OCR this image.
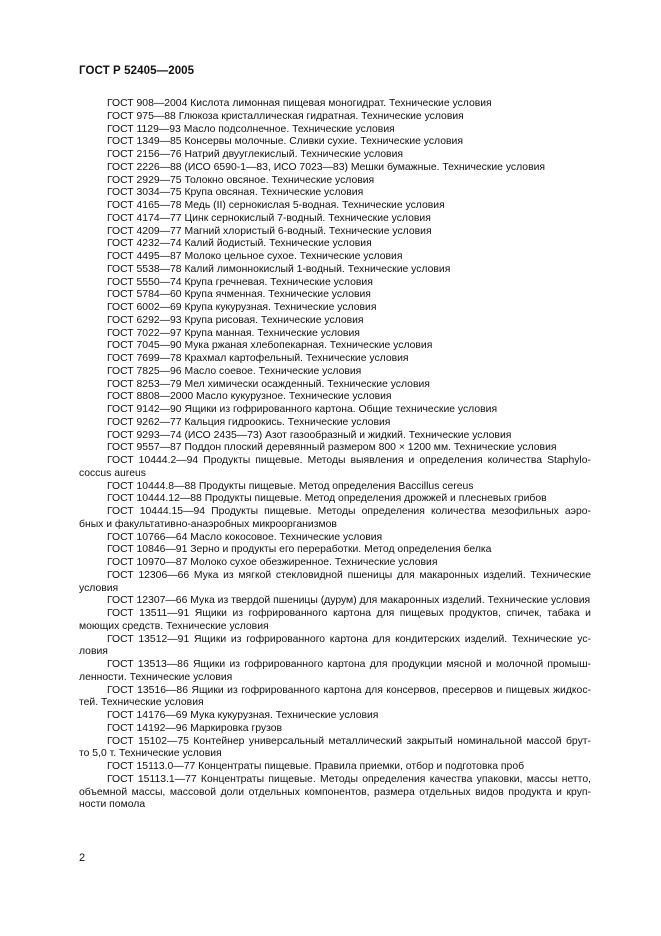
ГОСТ Р 52405—2005

ГОСТ 908—2004 Кислота лимонная пищевая моногидрат. Технические условия

ГОСТ 975—88 Глюкоза кристаллическая гидратная. Технические условия

ГОСТ 1129—93 Масло подсолнечное. Технические условия

ГОСТ 1349—85 Консервы молочные. Сливки сухие. Технические условия

ГОСТ 2156—76 Натрий двууглекислый. Технические условия

ГОСТ 2226—88 (ИСО 6590-1—83, ИСО 7023—83) Мешки бумажные. Технические условия

ГОСТ 2929—75 Толокно овсяное. Технические условия

ГОСТ 3034—75 Крупа овсяная. Технические условия

ГОСТ 4165—78 Медь (II) сернокислая 5-водная. Технические условия

ГОСТ 4174—77 Цинк сернокислый 7-водный. Технические условия

ГОСТ 4209—77 Магний хлористый 6-водный. Технические условия

ГОСТ 4232—74 Калий йодистый. Технические условия

ГОСТ 4495—87 Молоко цельное сухое. Технические условия

ГОСТ 5538—78 Калий лимоннокислый 1-водный. Технические условия

ГОСТ 5550—74 Крупа гречневая. Технические условия

ГОСТ 5784—60 Крупа ячменная. Технические условия

ГОСТ 6002—69 Крупа кукурузная. Технические условия

ГОСТ 6292—93 Крупа рисовая. Технические условия

ГОСТ 7022—97 Крупа манная. Технические условия

ГОСТ 7045—90 Мука ржаная хлебопекарная. Технические условия

ГОСТ 7699—78 Крахмал картофельный. Технические условия

ГОСТ 7825—96 Масло соевое. Технические условия

ГОСТ 8253—79 Мел химически осажденный. Технические условия

ГОСТ 8808—2000 Масло кукурузное. Технические условия

ГОСТ 9142—90 Ящики из гофрированного картона. Общие технические условия

ГОСТ 9262—77 Кальция гидроокись. Технические условия

ГОСТ 9293—74 (ИСО 2435—73) Азот газообразный и жидкий. Технические условия

ГОСТ 9557—87 Поддон плоский деревянный размером 800 × 1200 мм. Технические условия

ГОСТ 10444.2—94 Продукты пищевые. Методы выявления и определения количества Staphylo- coccus aureus

ГОСТ 10444.8—88 Продукты пищевые. Метод определения Baccillus cereus

ГОСТ 10444.12—88 Продукты пищевые. Метод определения дрожжей и плесневых грибов

ГОСТ 10444.15—94 Продукты пищевые. Методы определения количества мезофильных аэро- бных и факультативно-анаэробных микроорганизмов

ГОСТ 10766—64 Масло кокосовое. Технические условия

ГОСТ 10846—91 Зерно и продукты его переработки. Метод определения белка

ГОСТ 10970—87 Молоко сухое обезжиренное. Технические условия

ГОСТ 12306—66 Мука из мягкой стекловидной пшеницы для макаронных изделий. Технические условия

ГОСТ 12307—66 Мука из твердой пшеницы (дурум) для макаронных изделий. Технические условия

ГОСТ 13511—91 Ящики из гофрированного картона для пищевых продуктов, спичек, табака и моющих средств. Технические условия

ГОСТ 13512—91 Ящики из гофрированного картона для кондитерских изделий. Технические ус- ловия

ГОСТ 13513—86 Ящики из гофрированного картона для продукции мясной и молочной промыш- ленности. Технические условия

ГОСТ 13516—86 Ящики из гофрированного картона для консервов, пресервов и пищевых жидкос- тей. Технические условия

ГОСТ 14176—69 Мука кукурузная. Технические условия

ГОСТ 14192—96 Маркировка грузов

ГОСТ 15102—75 Контейнер универсальный металлический закрытый номинальной массой брут- то 5,0 т. Технические условия

ГОСТ 15113.0—77 Концентраты пищевые. Правила приемки, отбор и подготовка проб

ГОСТ 15113.1—77 Концентраты пищевые. Методы определения качества упаковки, массы нетто, объемной массы, массовой доли отдельных компонентов, размера отдельных видов продукта и круп- ности помола

2
